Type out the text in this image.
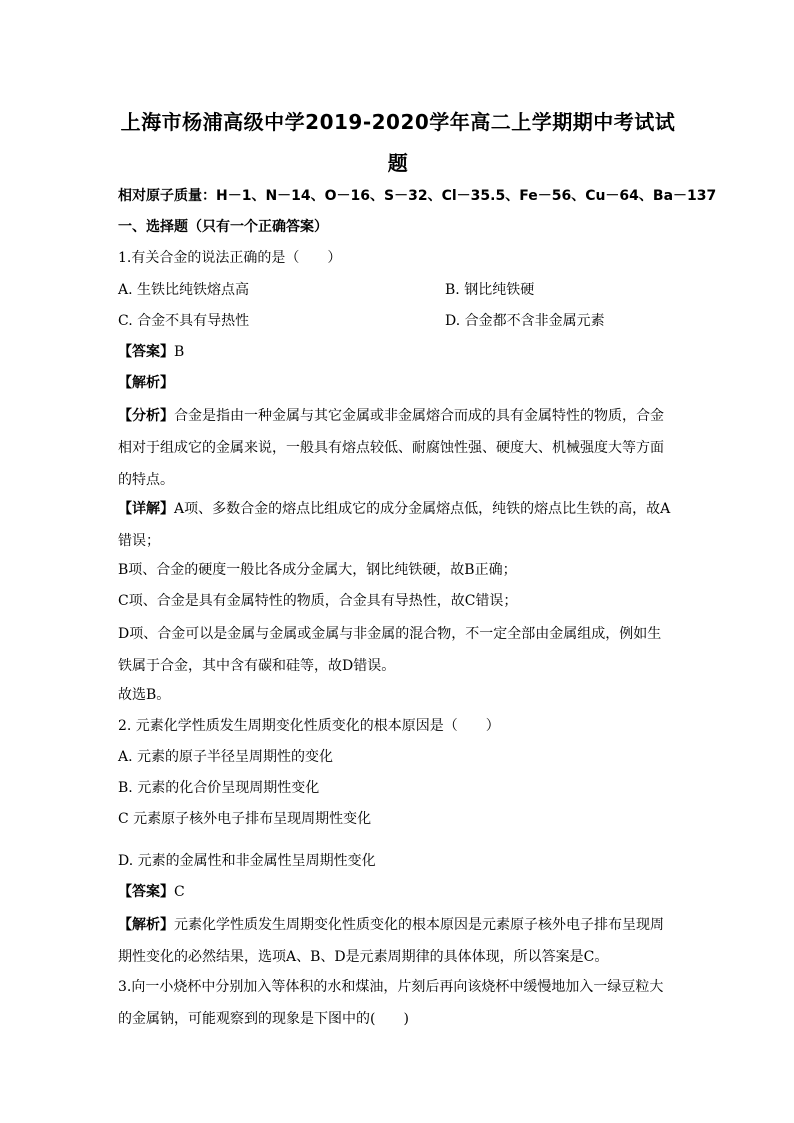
上海市杨浦高级中学2019-2020学年高二上学期期中考试试
题
相对原子质量：H－1、N－14、O－16、S－32、Cl－35.5、Fe－56、Cu－64、Ba－137
一、选择题（只有一个正确答案）
1.有关合金的说法正确的是（　　）
A. 生铁比纯铁熔点高	B. 钢比纯铁硬
C. 合金不具有导热性	D. 合金都不含非金属元素
【答案】B
【解析】
【分析】合金是指由一种金属与其它金属或非金属熔合而成的具有金属特性的物质，合金相对于组成它的金属来说，一般具有熔点较低、耐腐蚀性强、硬度大、机械强度大等方面的特点。
【详解】A项、多数合金的熔点比组成它的成分金属熔点低，纯铁的熔点比生铁的高，故A错误；
B项、合金的硬度一般比各成分金属大，钢比纯铁硬，故B正确；
C项、合金是具有金属特性的物质，合金具有导热性，故C错误；
D项、合金可以是金属与金属或金属与非金属的混合物，不一定全部由金属组成，例如生铁属于合金，其中含有碳和硅等，故D错误。
故选B。
2. 元素化学性质发生周期变化性质变化的根本原因是（　　）
A. 元素的原子半径呈周期性的变化
B. 元素的化合价呈现周期性变化
C 元素原子核外电子排布呈现周期性变化
D. 元素的金属性和非金属性呈周期性变化
【答案】C
【解析】元素化学性质发生周期变化性质变化的根本原因是元素原子核外电子排布呈现周期性变化的必然结果，选项A、B、D是元素周期律的具体体现，所以答案是C。
3.向一小烧杯中分别加入等体积的水和煤油，片刻后再向该烧杯中缓慢地加入一绿豆粒大的金属钠，可能观察到的现象是下图中的(　　)
